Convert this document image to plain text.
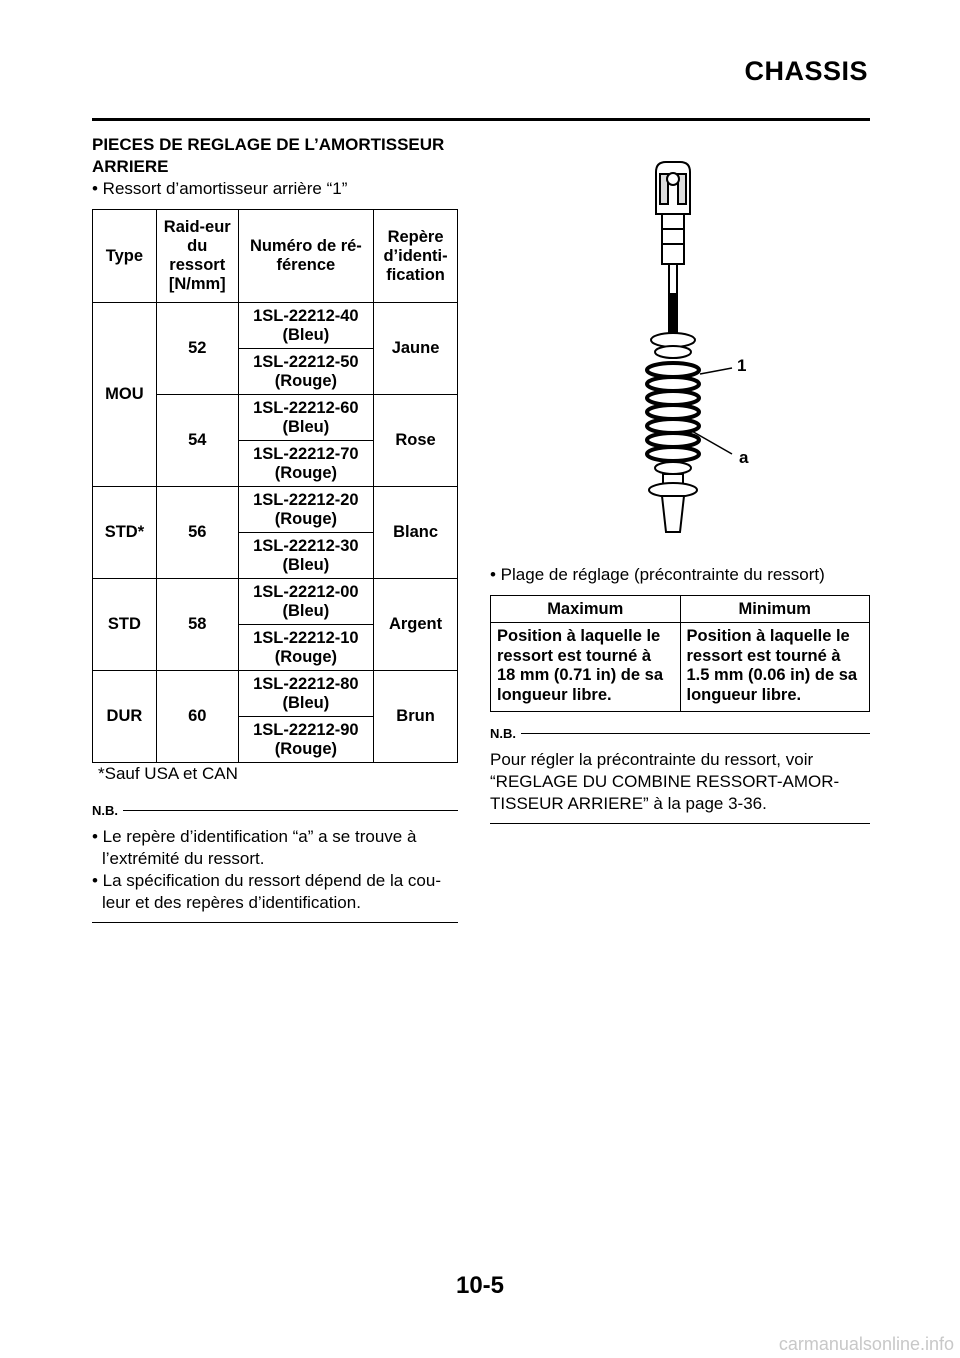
CHASSIS
PIECES DE REGLAGE DE L’AMORTISSEUR ARRIERE
• Ressort d’amortisseur arrière “1”
Type	Raid-eur du ressort [N/mm]	Numéro de ré-férence	Repère d’identi-fication
MOU	52	1SL-22212-40 (Bleu)	Jaune
		1SL-22212-50 (Rouge)	
	54	1SL-22212-60 (Bleu)	Rose
		1SL-22212-70 (Rouge)	
STD*	56	1SL-22212-20 (Rouge)	Blanc
		1SL-22212-30 (Bleu)	
STD	58	1SL-22212-00 (Bleu)	Argent
		1SL-22212-10 (Rouge)	
DUR	60	1SL-22212-80 (Bleu)	Brun
		1SL-22212-90 (Rouge)	
*Sauf USA et CAN
N.B.
• Le repère d’identification “a” a se trouve à l’extrémité du ressort.
• La spécification du ressort dépend de la cou-leur et des repères d’identification.
1
a
• Plage de réglage (précontrainte du ressort)
Maximum	Minimum
Position à laquelle le ressort est tourné à 18 mm (0.71 in) de sa longueur libre.	Position à laquelle le ressort est tourné à 1.5 mm (0.06 in) de sa longueur libre.
N.B.
Pour régler la précontrainte du ressort, voir “REGLAGE DU COMBINE RESSORT-AMOR-TISSEUR ARRIERE” à la page 3-36.
10-5
carmanualsonline.info
